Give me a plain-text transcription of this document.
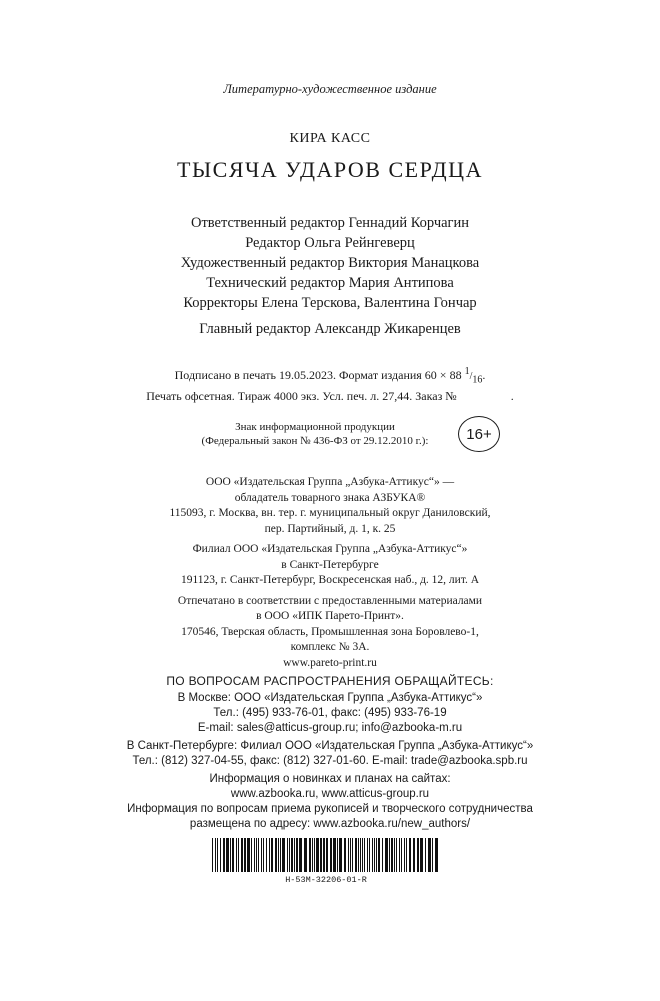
Литературно-художественное издание
КИРА КАСС
ТЫСЯЧА УДАРОВ СЕРДЦА
Ответственный редактор Геннадий Корчагин
Редактор Ольга Рейнгеверц
Художественный редактор Виктория Манацкова
Технический редактор Мария Антипова
Корректоры Елена Терскова, Валентина Гончар
Главный редактор Александр Жикаренцев
Подписано в печать 19.05.2023. Формат издания 60 × 88 $^1/_{16}$.
Печать офсетная. Тираж 4000 экз. Усл. печ. л. 27,44. Заказ №	.
Знак информационной продукции
(Федеральный закон № 436-ФЗ от 29.12.2010 г.):	16+
ООО «Издательская Группа „Азбука-Аттикус“» —
обладатель товарного знака АЗБУКА®
115093, г. Москва, вн. тер. г. муниципальный округ Даниловский,
пер. Партийный, д. 1, к. 25
Филиал ООО «Издательская Группа „Азбука-Аттикус“»
в Санкт-Петербурге
191123, г. Санкт-Петербург, Воскресенская наб., д. 12, лит. А
Отпечатано в соответствии с предоставленными материалами
в ООО «ИПК Парето-Принт».
170546, Тверская область, Промышленная зона Боровлево-1,
комплекс № 3А.
www.pareto-print.ru
ПО ВОПРОСАМ РАСПРОСТРАНЕНИЯ ОБРАЩАЙТЕСЬ:
В Москве: ООО «Издательская Группа „Азбука-Аттикус“»
Тел.: (495) 933-76-01, факс: (495) 933-76-19
E-mail: sales@atticus-group.ru; info@azbooka-m.ru
В Санкт-Петербурге: Филиал ООО «Издательская Группа „Азбука-Аттикус“»
Тел.: (812) 327-04-55, факс: (812) 327-01-60. E-mail: trade@azbooka.spb.ru
Информация о новинках и планах на сайтах:
www.azbooka.ru, www.atticus-group.ru
Информация по вопросам приема рукописей и творческого сотрудничества
размещена по адресу: www.azbooka.ru/new_authors/
Н-53М-32206-01-R
